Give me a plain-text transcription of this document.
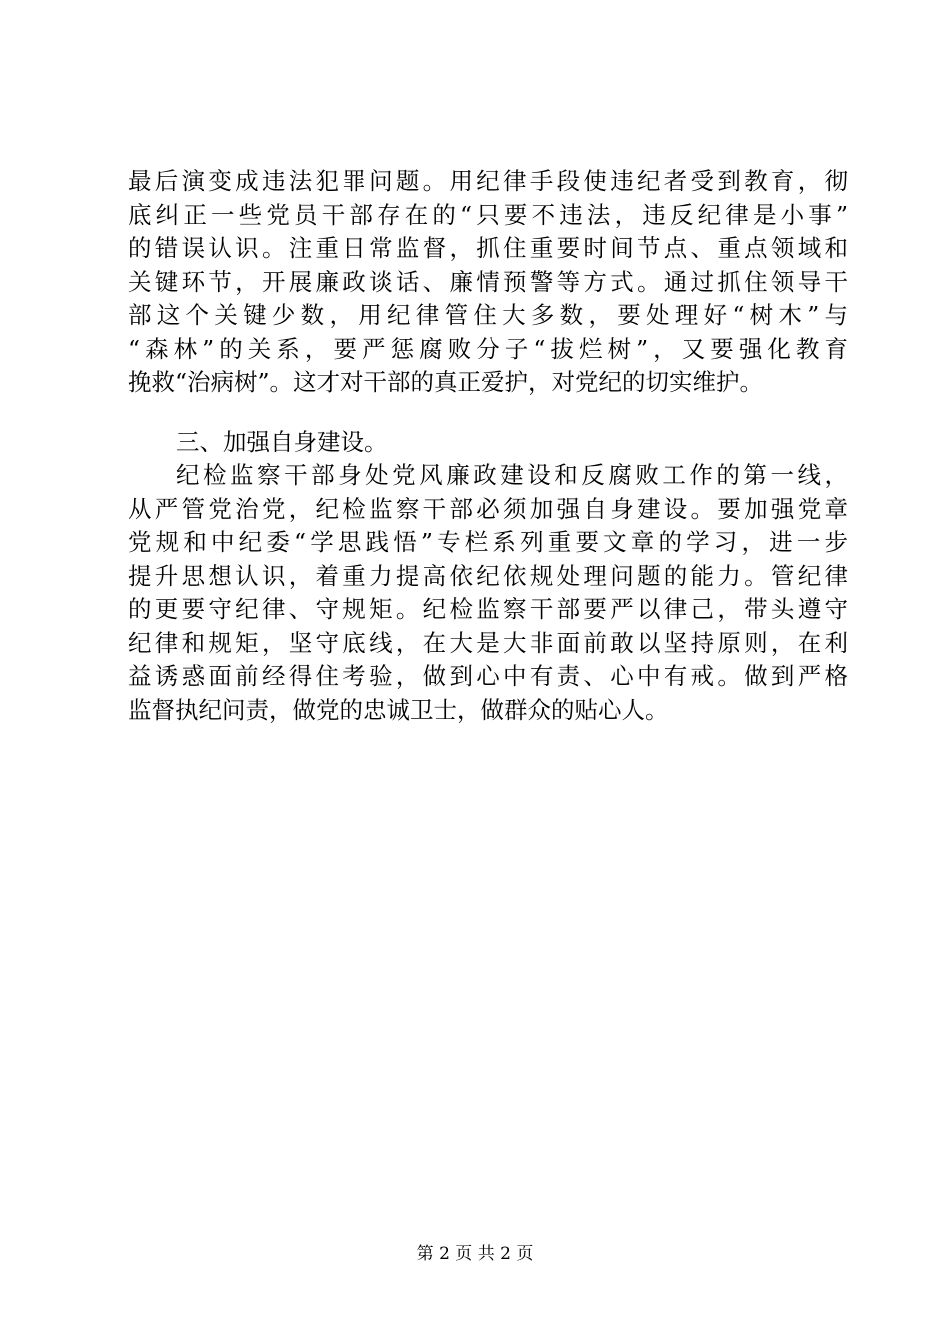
最后演变成违法犯罪问题。用纪律手段使违纪者受到教育，彻
底纠正一些党员干部存在的“只要不违法，违反纪律是小事”
的错误认识。注重日常监督，抓住重要时间节点、重点领域和
关键环节，开展廉政谈话、廉情预警等方式。通过抓住领导干
部这个关键少数，用纪律管住大多数，要处理好“树木”与
“森林”的关系，要严惩腐败分子“拔烂树”，又要强化教育
挽救“治病树”。这才对干部的真正爱护，对党纪的切实维护。
三、加强自身建设。
纪检监察干部身处党风廉政建设和反腐败工作的第一线，
从严管党治党，纪检监察干部必须加强自身建设。要加强党章
党规和中纪委“学思践悟”专栏系列重要文章的学习，进一步
提升思想认识，着重力提高依纪依规处理问题的能力。管纪律
的更要守纪律、守规矩。纪检监察干部要严以律己，带头遵守
纪律和规矩，坚守底线，在大是大非面前敢以坚持原则，在利
益诱惑面前经得住考验，做到心中有责、心中有戒。做到严格
监督执纪问责，做党的忠诚卫士，做群众的贴心人。
第 2 页 共 2 页
